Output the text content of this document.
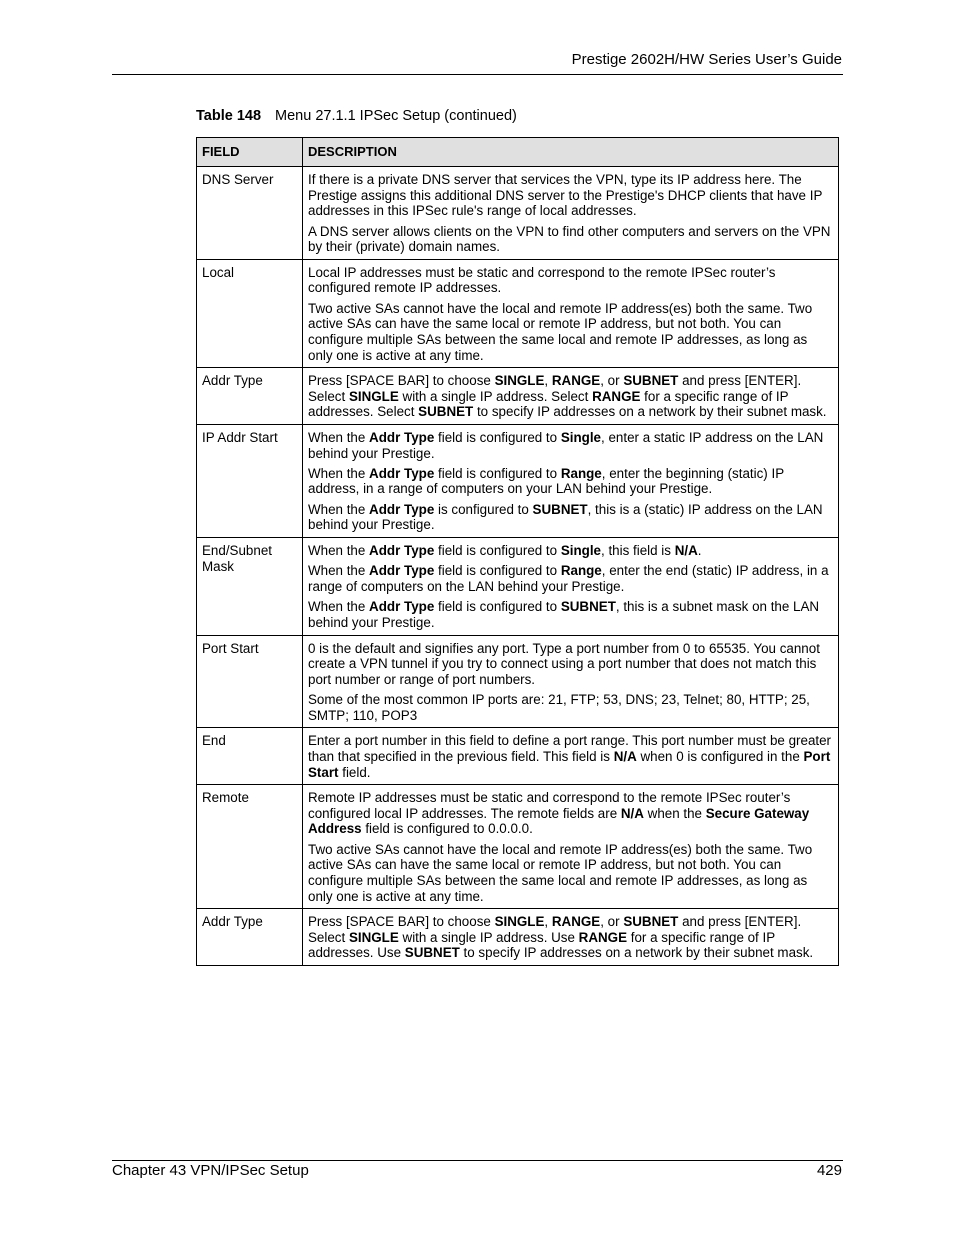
Prestige 2602H/HW Series User’s Guide
Table 148 Menu 27.1.1 IPSec Setup (continued)
FIELD	DESCRIPTION
DNS Server	If there is a private DNS server that services the VPN, type its IP address here. The Prestige assigns this additional DNS server to the Prestige's DHCP clients that have IP addresses in this IPSec rule's range of local addresses.

A DNS server allows clients on the VPN to find other computers and servers on the VPN by their (private) domain names.

Local	Local IP addresses must be static and correspond to the remote IPSec router’s configured remote IP addresses.

Two active SAs cannot have the local and remote IP address(es) both the same. Two active SAs can have the same local or remote IP address, but not both. You can configure multiple SAs between the same local and remote IP addresses, as long as only one is active at any time.

Addr Type	Press [SPACE BAR] to choose SINGLE, RANGE, or SUBNET and press [ENTER]. Select SINGLE with a single IP address. Select RANGE for a specific range of IP addresses. Select SUBNET to specify IP addresses on a network by their subnet mask.

IP Addr Start	When the Addr Type field is configured to Single, enter a static IP address on the LAN behind your Prestige.

When the Addr Type field is configured to Range, enter the beginning (static) IP address, in a range of computers on your LAN behind your Prestige.

When the Addr Type is configured to SUBNET, this is a (static) IP address on the LAN behind your Prestige.

End/Subnet Mask	When the Addr Type field is configured to Single, this field is N/A.

When the Addr Type field is configured to Range, enter the end (static) IP address, in a range of computers on the LAN behind your Prestige.

When the Addr Type field is configured to SUBNET, this is a subnet mask on the LAN behind your Prestige.

Port Start	0 is the default and signifies any port. Type a port number from 0 to 65535. You cannot create a VPN tunnel if you try to connect using a port number that does not match this port number or range of port numbers.

Some of the most common IP ports are: 21, FTP; 53, DNS; 23, Telnet; 80, HTTP; 25, SMTP; 110, POP3

End	Enter a port number in this field to define a port range. This port number must be greater than that specified in the previous field. This field is N/A when 0 is configured in the Port Start field.

Remote	Remote IP addresses must be static and correspond to the remote IPSec router’s configured local IP addresses. The remote fields are N/A when the Secure Gateway Address field is configured to 0.0.0.0.

Two active SAs cannot have the local and remote IP address(es) both the same. Two active SAs can have the same local or remote IP address, but not both. You can configure multiple SAs between the same local and remote IP addresses, as long as only one is active at any time.

Addr Type	Press [SPACE BAR] to choose SINGLE, RANGE, or SUBNET and press [ENTER]. Select SINGLE with a single IP address. Use RANGE for a specific range of IP addresses. Use SUBNET to specify IP addresses on a network by their subnet mask.

Chapter 43 VPN/IPSec Setup	429
